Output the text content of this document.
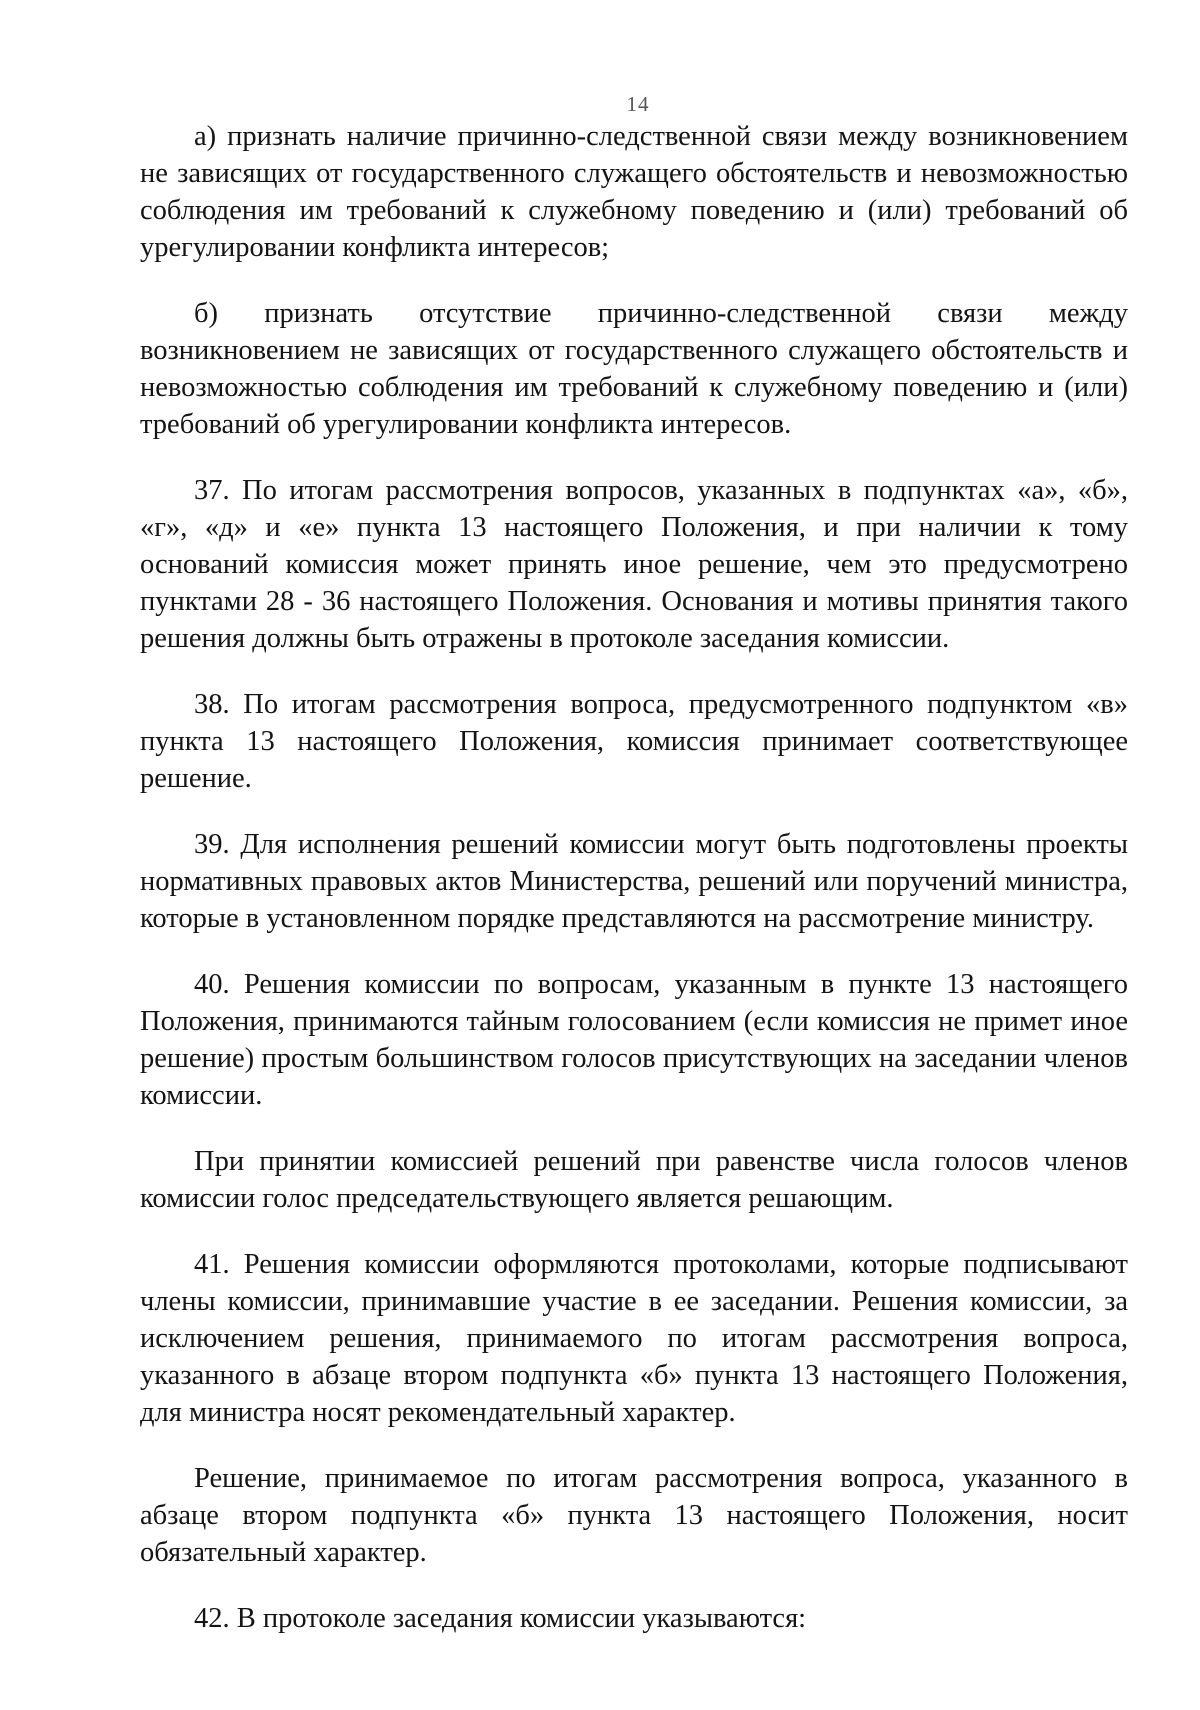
14

а) признать наличие причинно-следственной связи между возникновением не зависящих от государственного служащего обстоятельств и невозможностью соблюдения им требований к служебному поведению и (или) требований об урегулировании конфликта интересов;

б) признать отсутствие причинно-следственной связи между возникновением не зависящих от государственного служащего обстоятельств и невозможностью соблюдения им требований к служебному поведению и (или) требований об урегулировании конфликта интересов.

37. По итогам рассмотрения вопросов, указанных в подпунктах «а», «б», «г», «д» и «е» пункта 13 настоящего Положения, и при наличии к тому оснований комиссия может принять иное решение, чем это предусмотрено пунктами 28 - 36 настоящего Положения. Основания и мотивы принятия такого решения должны быть отражены в протоколе заседания комиссии.

38. По итогам рассмотрения вопроса, предусмотренного подпунктом «в» пункта 13 настоящего Положения, комиссия принимает соответствующее решение.

39. Для исполнения решений комиссии могут быть подготовлены проекты нормативных правовых актов Министерства, решений или поручений министра, которые в установленном порядке представляются на рассмотрение министру.

40. Решения комиссии по вопросам, указанным в пункте 13 настоящего Положения, принимаются тайным голосованием (если комиссия не примет иное решение) простым большинством голосов присутствующих на заседании членов комиссии.

При принятии комиссией решений при равенстве числа голосов членов комиссии голос председательствующего является решающим.

41. Решения комиссии оформляются протоколами, которые подписывают члены комиссии, принимавшие участие в ее заседании. Решения комиссии, за исключением решения, принимаемого по итогам рассмотрения вопроса, указанного в абзаце втором подпункта «б» пункта 13 настоящего Положения, для министра носят рекомендательный характер.

Решение, принимаемое по итогам рассмотрения вопроса, указанного в абзаце втором подпункта «б» пункта 13 настоящего Положения, носит обязательный характер.

42. В протоколе заседания комиссии указываются:
